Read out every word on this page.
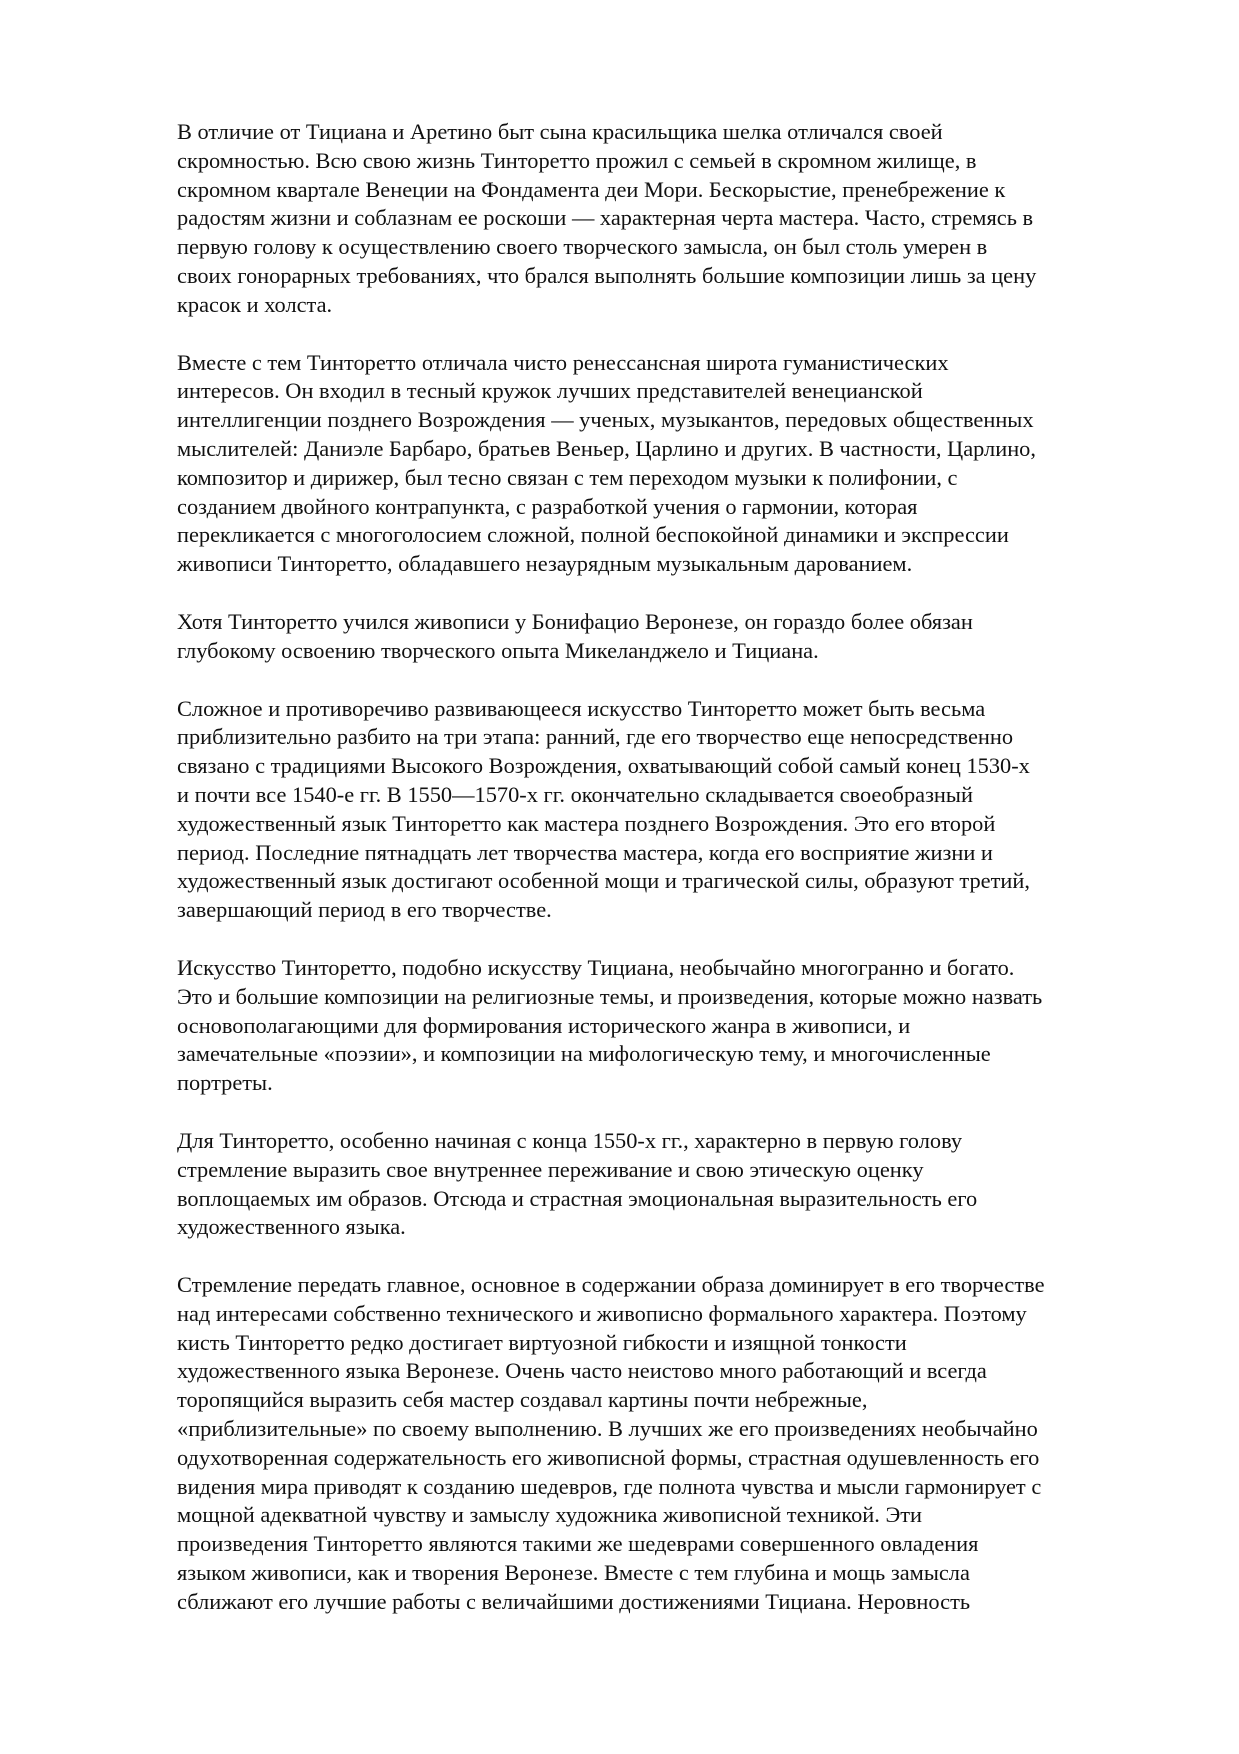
В отличие от Тициана и Аретино быт сына красильщика шелка отличался своей
скромностью. Всю свою жизнь Тинторетто прожил с семьей в скромном жилище, в
скромном квартале Венеции на Фондамента деи Мори. Бескорыстие, пренебрежение к
радостям жизни и соблазнам ее роскоши — характерная черта мастера. Часто, стремясь в
первую голову к осуществлению своего творческого замысла, он был столь умерен в
своих гонорарных требованиях, что брался выполнять большие композиции лишь за цену
красок и холста.

Вместе с тем Тинторетто отличала чисто ренессансная широта гуманистических
интересов. Он входил в тесный кружок лучших представителей венецианской
интеллигенции позднего Возрождения — ученых, музыкантов, передовых общественных
мыслителей: Даниэле Барбаро, братьев Веньер, Царлино и других. В частности, Царлино,
композитор и дирижер, был тесно связан с тем переходом музыки к полифонии, с
созданием двойного контрапункта, с разработкой учения о гармонии, которая
перекликается с многоголосием сложной, полной беспокойной динамики и экспрессии
живописи Тинторетто, обладавшего незаурядным музыкальным дарованием.

Хотя Тинторетто учился живописи у Бонифацио Веронезе, он гораздо более обязан
глубокому освоению творческого опыта Микеланджело и Тициана.

Сложное и противоречиво развивающееся искусство Тинторетто может быть весьма
приблизительно разбито на три этапа: ранний, где его творчество еще непосредственно
связано с традициями Высокого Возрождения, охватывающий собой самый конец 1530-х
и почти все 1540-е гг. В 1550—1570-х гг. окончательно складывается своеобразный
художественный язык Тинторетто как мастера позднего Возрождения. Это его второй
период. Последние пятнадцать лет творчества мастера, когда его восприятие жизни и
художественный язык достигают особенной мощи и трагической силы, образуют третий,
завершающий период в его творчестве.

Искусство Тинторетто, подобно искусству Тициана, необычайно многогранно и богато.
Это и большие композиции на религиозные темы, и произведения, которые можно назвать
основополагающими для формирования исторического жанра в живописи, и
замечательные «поэзии», и композиции на мифологическую тему, и многочисленные
портреты.

Для Тинторетто, особенно начиная с конца 1550-х гг., характерно в первую голову
стремление выразить свое внутреннее переживание и свою этическую оценку
воплощаемых им образов. Отсюда и страстная эмоциональная выразительность его
художественного языка.

Стремление передать главное, основное в содержании образа доминирует в его творчестве
над интересами собственно технического и живописно формального характера. Поэтому
кисть Тинторетто редко достигает виртуозной гибкости и изящной тонкости
художественного языка Веронезе. Очень часто неистово много работающий и всегда
торопящийся выразить себя мастер создавал картины почти небрежные,
«приблизительные» по своему выполнению. В лучших же его произведениях необычайно
одухотворенная содержательность его живописной формы, страстная одушевленность его
видения мира приводят к созданию шедевров, где полнота чувства и мысли гармонирует с
мощной адекватной чувству и замыслу художника живописной техникой. Эти
произведения Тинторетто являются такими же шедеврами совершенного овладения
языком живописи, как и творения Веронезе. Вместе с тем глубина и мощь замысла
сближают его лучшие работы с величайшими достижениями Тициана. Неровность
